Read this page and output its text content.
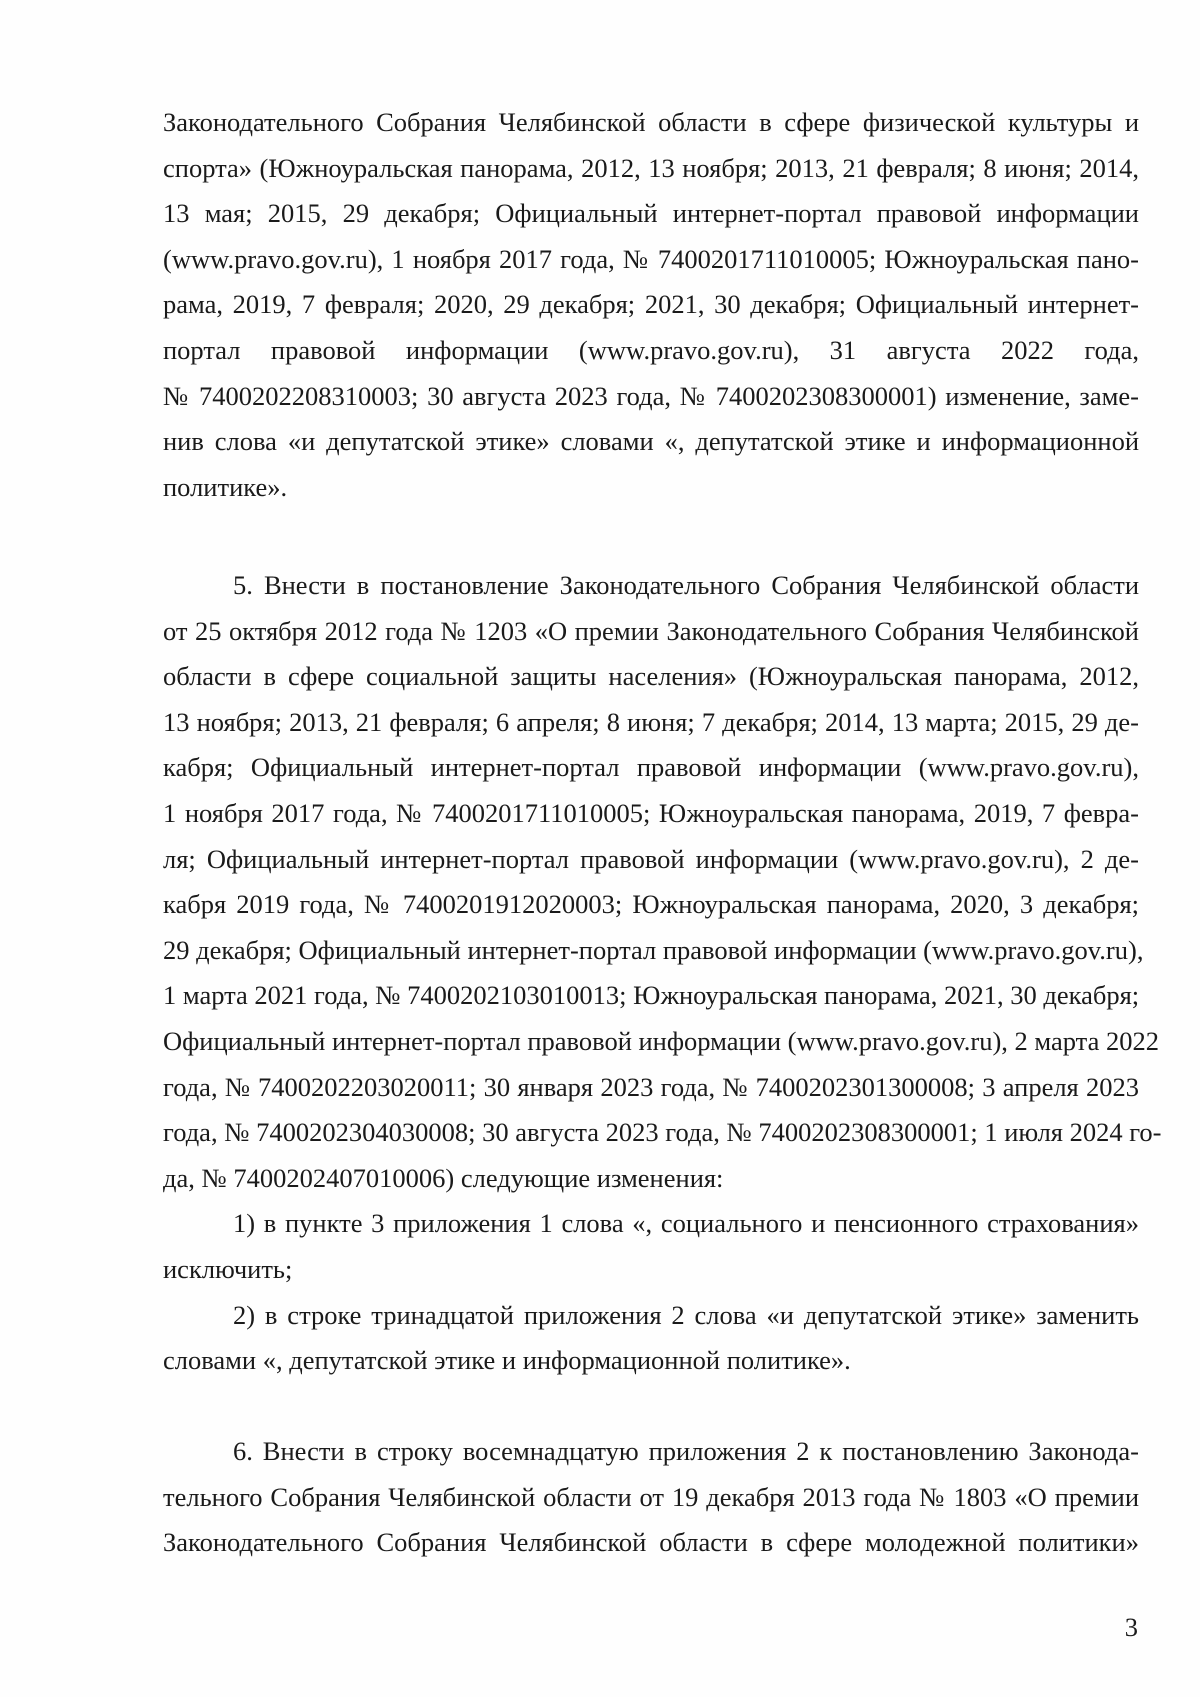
Законодательного Собрания Челябинской области в сфере физической культуры и
спорта» (Южноуральская панорама, 2012, 13 ноября; 2013, 21 февраля; 8 июня; 2014,
13 мая; 2015, 29 декабря; Официальный интернет-портал правовой информации
(www.pravo.gov.ru), 1 ноября 2017 года, № 7400201711010005; Южноуральская пано-
рама, 2019, 7 февраля; 2020, 29 декабря; 2021, 30 декабря; Официальный интернет-
портал правовой информации (www.pravo.gov.ru), 31 августа 2022 года,
№ 7400202208310003; 30 августа 2023 года, № 7400202308300001) изменение, заме-
нив слова «и депутатской этике» словами «, депутатской этике и информационной
политике».
5. Внести в постановление Законодательного Собрания Челябинской области
от 25 октября 2012 года № 1203 «О премии Законодательного Собрания Челябинской
области в сфере социальной защиты населения» (Южноуральская панорама, 2012,
13 ноября; 2013, 21 февраля; 6 апреля; 8 июня; 7 декабря; 2014, 13 марта; 2015, 29 де-
кабря; Официальный интернет-портал правовой информации (www.pravo.gov.ru),
1 ноября 2017 года, № 7400201711010005; Южноуральская панорама, 2019, 7 февра-
ля; Официальный интернет-портал правовой информации (www.pravo.gov.ru), 2 де-
кабря 2019 года, № 7400201912020003; Южноуральская панорама, 2020, 3 декабря;
29 декабря; Официальный интернет-портал правовой информации (www.pravo.gov.ru),
1 марта 2021 года, № 7400202103010013; Южноуральская панорама, 2021, 30 декабря;
Официальный интернет-портал правовой информации (www.pravo.gov.ru), 2 марта 2022
года, № 7400202203020011; 30 января 2023 года, № 7400202301300008; 3 апреля 2023
года, № 7400202304030008; 30 августа 2023 года, № 7400202308300001; 1 июля 2024 го-
да, № 7400202407010006) следующие изменения:
1) в пункте 3 приложения 1 слова «, социального и пенсионного страхования»
исключить;
2) в строке тринадцатой приложения 2 слова «и депутатской этике» заменить
словами «, депутатской этике и информационной политике».
6. Внести в строку восемнадцатую приложения 2 к постановлению Законода-
тельного Собрания Челябинской области от 19 декабря 2013 года № 1803 «О премии
Законодательного Собрания Челябинской области в сфере молодежной политики»
3
